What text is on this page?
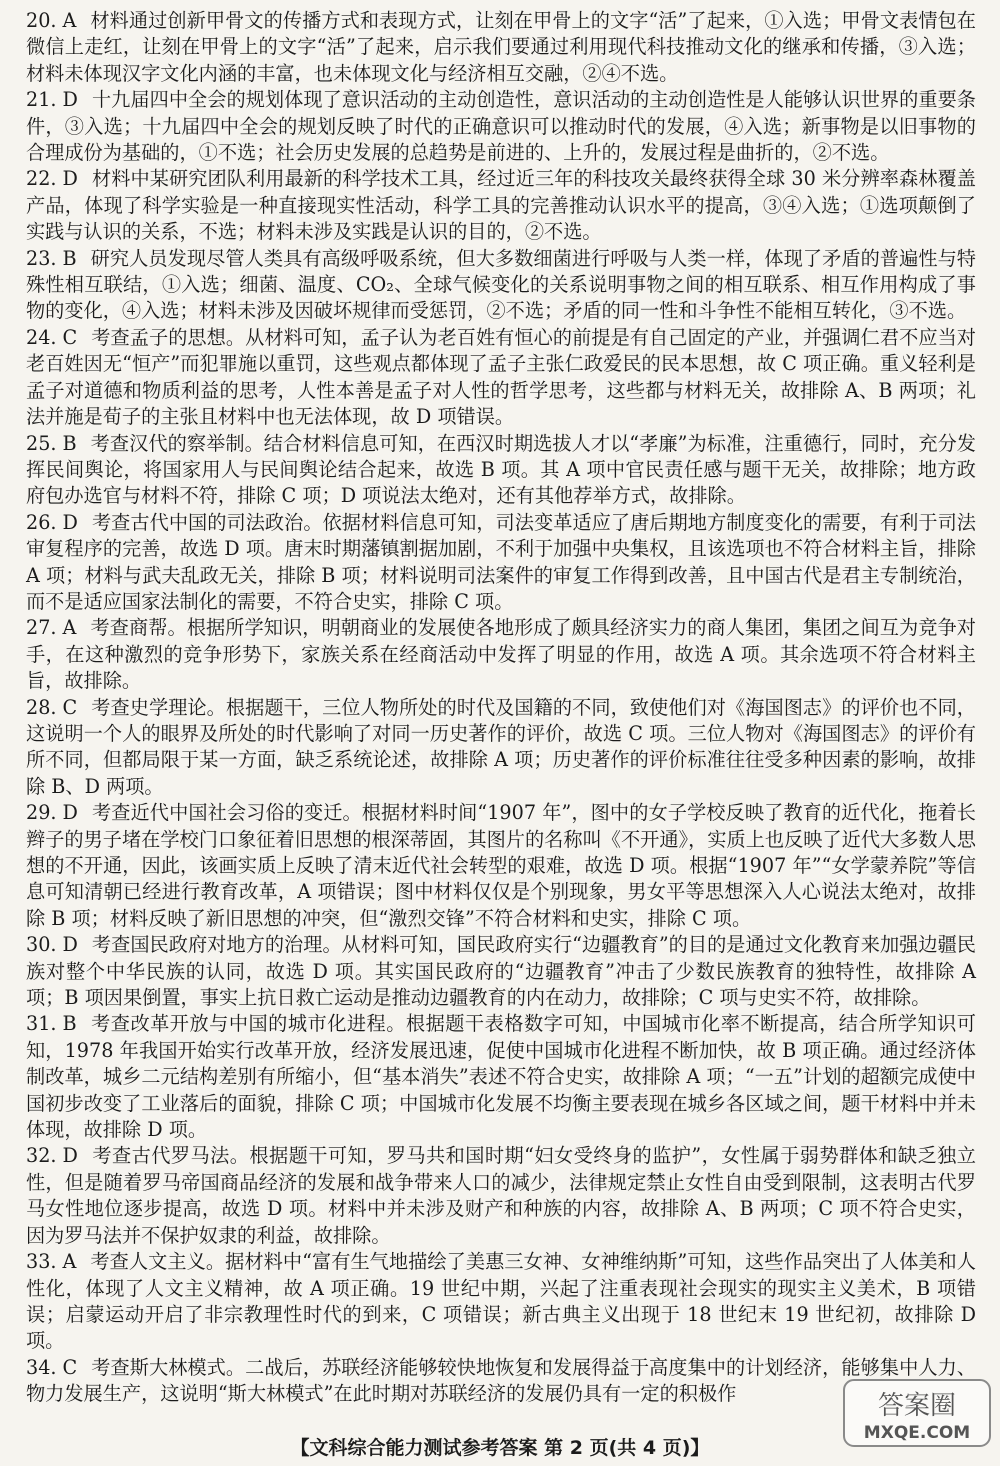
20. A 材料通过创新甲骨文的传播方式和表现方式，让刻在甲骨上的文字“活”了起来，①入选；甲骨文表情包在微信上走红，让刻在甲骨上的文字“活”了起来，启示我们要通过利用现代科技推动文化的继承和传播，③入选；材料未体现汉字文化内涵的丰富，也未体现文化与经济相互交融，②④不选。

21. D 十九届四中全会的规划体现了意识活动的主动创造性，意识活动的主动创造性是人能够认识世界的重要条件，③入选；十九届四中全会的规划反映了时代的正确意识可以推动时代的发展，④入选；新事物是以旧事物的合理成份为基础的，①不选；社会历史发展的总趋势是前进的、上升的，发展过程是曲折的，②不选。

22. D 材料中某研究团队利用最新的科学技术工具，经过近三年的科技攻关最终获得全球 30 米分辨率森林覆盖产品，体现了科学实验是一种直接现实性活动，科学工具的完善推动认识水平的提高，③④入选；①选项颠倒了实践与认识的关系，不选；材料未涉及实践是认识的目的，②不选。

23. B 研究人员发现尽管人类具有高级呼吸系统，但大多数细菌进行呼吸与人类一样，体现了矛盾的普遍性与特殊性相互联结，①入选；细菌、温度、CO₂、全球气候变化的关系说明事物之间的相互联系、相互作用构成了事物的变化，④入选；材料未涉及因破坏规律而受惩罚，②不选；矛盾的同一性和斗争性不能相互转化，③不选。

24. C 考查孟子的思想。从材料可知，孟子认为老百姓有恒心的前提是有自己固定的产业，并强调仁君不应当对老百姓因无“恒产”而犯罪施以重罚，这些观点都体现了孟子主张仁政爱民的民本思想，故 C 项正确。重义轻利是孟子对道德和物质利益的思考，人性本善是孟子对人性的哲学思考，这些都与材料无关，故排除 A、B 两项；礼法并施是荀子的主张且材料中也无法体现，故 D 项错误。

25. B 考查汉代的察举制。结合材料信息可知，在西汉时期选拔人才以“孝廉”为标准，注重德行，同时，充分发挥民间舆论，将国家用人与民间舆论结合起来，故选 B 项。其 A 项中官民责任感与题干无关，故排除；地方政府包办选官与材料不符，排除 C 项；D 项说法太绝对，还有其他荐举方式，故排除。

26. D 考查古代中国的司法政治。依据材料信息可知，司法变革适应了唐后期地方制度变化的需要，有利于司法审复程序的完善，故选 D 项。唐末时期藩镇割据加剧，不利于加强中央集权，且该选项也不符合材料主旨，排除 A 项；材料与武夫乱政无关，排除 B 项；材料说明司法案件的审复工作得到改善，且中国古代是君主专制统治，而不是适应国家法制化的需要，不符合史实，排除 C 项。

27. A 考查商帮。根据所学知识，明朝商业的发展使各地形成了颇具经济实力的商人集团，集团之间互为竞争对手，在这种激烈的竞争形势下，家族关系在经商活动中发挥了明显的作用，故选 A 项。其余选项不符合材料主旨，故排除。

28. C 考查史学理论。根据题干，三位人物所处的时代及国籍的不同，致使他们对《海国图志》的评价也不同，这说明一个人的眼界及所处的时代影响了对同一历史著作的评价，故选 C 项。三位人物对《海国图志》的评价有所不同，但都局限于某一方面，缺乏系统论述，故排除 A 项；历史著作的评价标准往往受多种因素的影响，故排除 B、D 两项。

29. D 考查近代中国社会习俗的变迁。根据材料时间“1907 年”，图中的女子学校反映了教育的近代化，拖着长辫子的男子堵在学校门口象征着旧思想的根深蒂固，其图片的名称叫《不开通》，实质上也反映了近代大多数人思想的不开通，因此，该画实质上反映了清末近代社会转型的艰难，故选 D 项。根据“1907 年”“女学蒙养院”等信息可知清朝已经进行教育改革，A 项错误；图中材料仅仅是个别现象，男女平等思想深入人心说法太绝对，故排除 B 项；材料反映了新旧思想的冲突，但“激烈交锋”不符合材料和史实，排除 C 项。

30. D 考查国民政府对地方的治理。从材料可知，国民政府实行“边疆教育”的目的是通过文化教育来加强边疆民族对整个中华民族的认同，故选 D 项。其实国民政府的“边疆教育”冲击了少数民族教育的独特性，故排除 A 项；B 项因果倒置，事实上抗日救亡运动是推动边疆教育的内在动力，故排除；C 项与史实不符，故排除。

31. B 考查改革开放与中国的城市化进程。根据题干表格数字可知，中国城市化率不断提高，结合所学知识可知，1978 年我国开始实行改革开放，经济发展迅速，促使中国城市化进程不断加快，故 B 项正确。通过经济体制改革，城乡二元结构差别有所缩小，但“基本消失”表述不符合史实，故排除 A 项；“一五”计划的超额完成使中国初步改变了工业落后的面貌，排除 C 项；中国城市化发展不均衡主要表现在城乡各区域之间，题干材料中并未体现，故排除 D 项。

32. D 考查古代罗马法。根据题干可知，罗马共和国时期“妇女受终身的监护”，女性属于弱势群体和缺乏独立性，但是随着罗马帝国商品经济的发展和战争带来人口的减少，法律规定禁止女性自由受到限制，这表明古代罗马女性地位逐步提高，故选 D 项。材料中并未涉及财产和种族的内容，故排除 A、B 两项；C 项不符合史实，因为罗马法并不保护奴隶的利益，故排除。

33. A 考查人文主义。据材料中“富有生气地描绘了美惠三女神、女神维纳斯”可知，这些作品突出了人体美和人性化，体现了人文主义精神，故 A 项正确。19 世纪中期，兴起了注重表现社会现实的现实主义美术，B 项错误；启蒙运动开启了非宗教理性时代的到来，C 项错误；新古典主义出现于 18 世纪末 19 世纪初，故排除 D 项。

34. C 考查斯大林模式。二战后，苏联经济能够较快地恢复和发展得益于高度集中的计划经济，能够集中人力、物力发展生产，这说明“斯大林模式”在此时期对苏联经济的发展仍具有一定的积极作

【文科综合能力测试参考答案 第 2 页(共 4 页)】
答案圈
MXQE.COM
